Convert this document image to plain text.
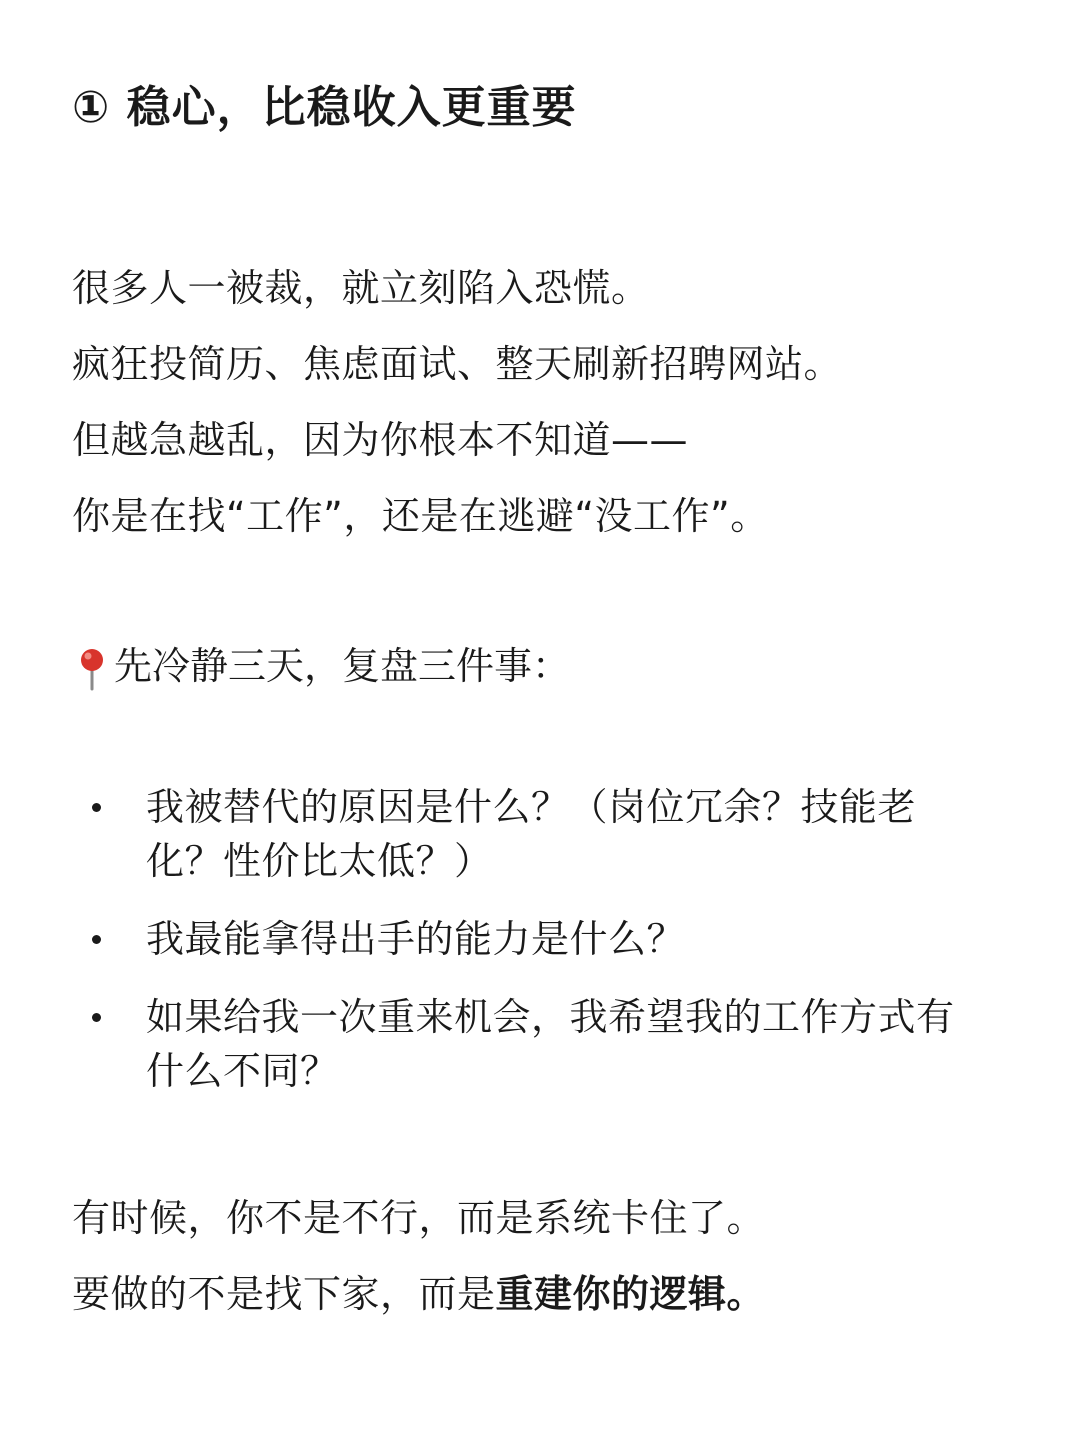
① 稳心，比稳收入更重要
很多人一被裁，就立刻陷入恐慌。
疯狂投简历、焦虑面试、整天刷新招聘网站。
但越急越乱，因为你根本不知道——
你是在找“工作”，还是在逃避“没工作”。
先冷静三天，复盘三件事：
我被替代的原因是什么？（岗位冗余？技能老化？性价比太低？）
我最能拿得出手的能力是什么？
如果给我一次重来机会，我希望我的工作方式有什么不同？
有时候，你不是不行，而是系统卡住了。
要做的不是找下家，而是重建你的逻辑。
